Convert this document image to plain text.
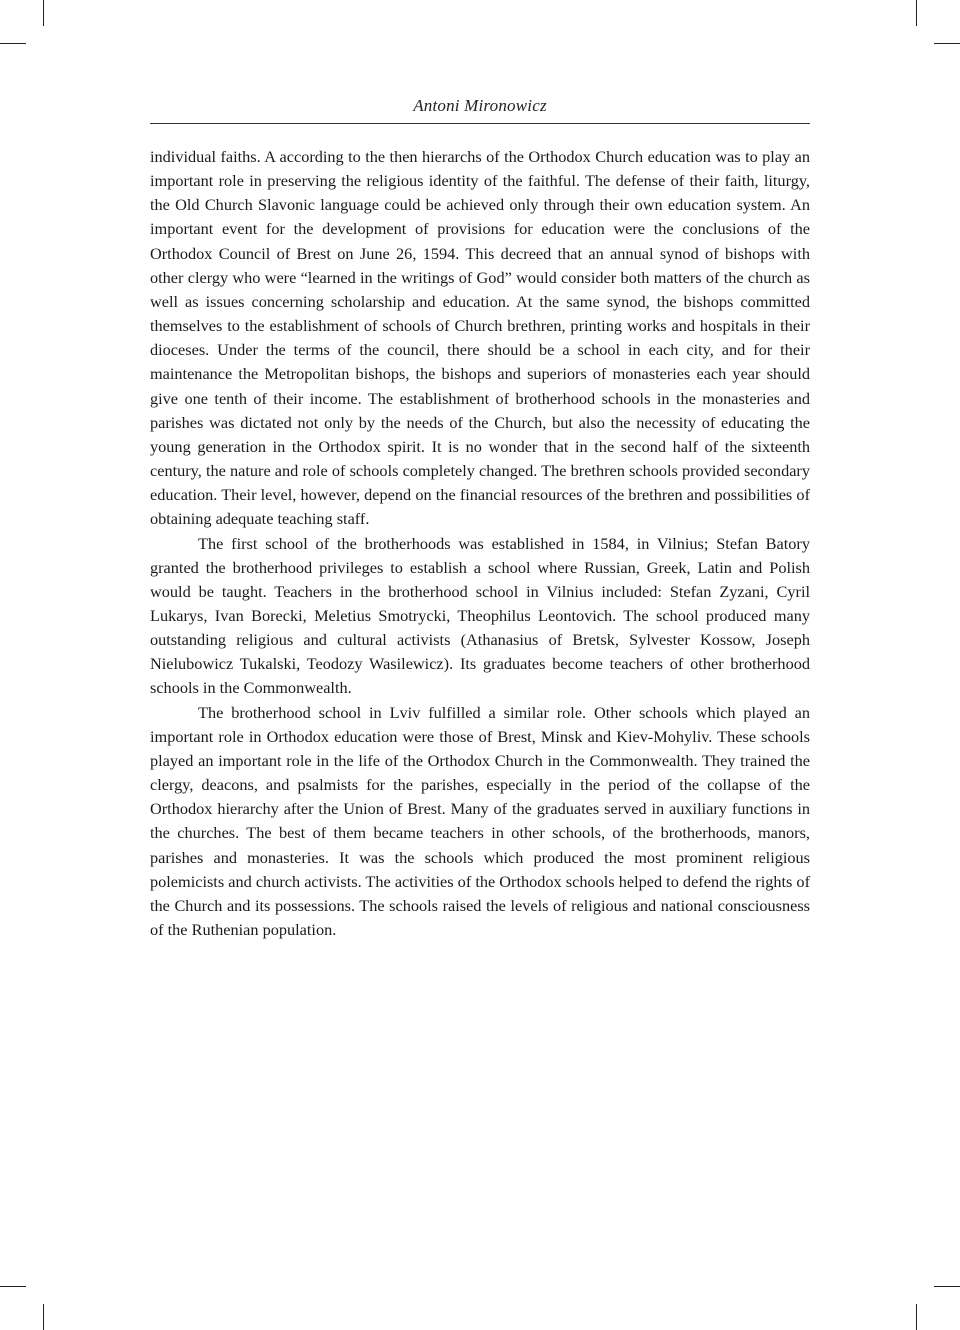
Antoni Mironowicz

individual faiths. A according to the then hierarchs of the Orthodox Church education was to play an important role in preserving the religious identity of the faithful. The defense of their faith, liturgy, the Old Church Slavonic language could be achieved only through their own education system. An important event for the development of provisions for education were the conclusions of the Orthodox Council of Brest on June 26, 1594. This decreed that an annual synod of bishops with other clergy who were “learned in the writings of God” would consider both matters of the church as well as issues concerning scholarship and education. At the same synod, the bishops committed themselves to the establishment of schools of Church brethren, printing works and hospitals in their dioceses. Under the terms of the council, there should be a school in each city, and for their maintenance the Metropolitan bishops, the bishops and superiors of monasteries each year should give one tenth of their income. The establishment of brotherhood schools in the monasteries and parishes was dictated not only by the needs of the Church, but also the necessity of educating the young generation in the Orthodox spirit. It is no wonder that in the second half of the sixteenth century, the nature and role of schools completely changed. The brethren schools provided secondary education. Their level, however, depend on the financial resources of the brethren and possibilities of obtaining adequate teaching staff.

The first school of the brotherhoods was established in 1584, in Vilnius; Stefan Batory granted the brotherhood privileges to establish a school where Russian, Greek, Latin and Polish would be taught. Teachers in the brotherhood school in Vilnius included: Stefan Zyzani, Cyril Lukarys, Ivan Borecki, Meletius Smotrycki, Theophilus Leontovich. The school produced many outstanding religious and cultural activists (Athanasius of Bretsk, Sylvester Kossow, Joseph Nielubowicz Tukalski, Teodozy Wasilewicz). Its graduates become teachers of other brotherhood schools in the Commonwealth.

The brotherhood school in Lviv fulfilled a similar role. Other schools which played an important role in Orthodox education were those of Brest, Minsk and Kiev-Mohyliv. These schools played an important role in the life of the Orthodox Church in the Commonwealth. They trained the clergy, deacons, and psalmists for the parishes, especially in the period of the collapse of the Orthodox hierarchy after the Union of Brest. Many of the graduates served in auxiliary functions in the churches. The best of them became teachers in other schools, of the brotherhoods, manors, parishes and monasteries. It was the schools which produced the most prominent religious polemicists and church activists. The activities of the Orthodox schools helped to defend the rights of the Church and its possessions. The schools raised the levels of religious and national consciousness of the Ruthenian population.
